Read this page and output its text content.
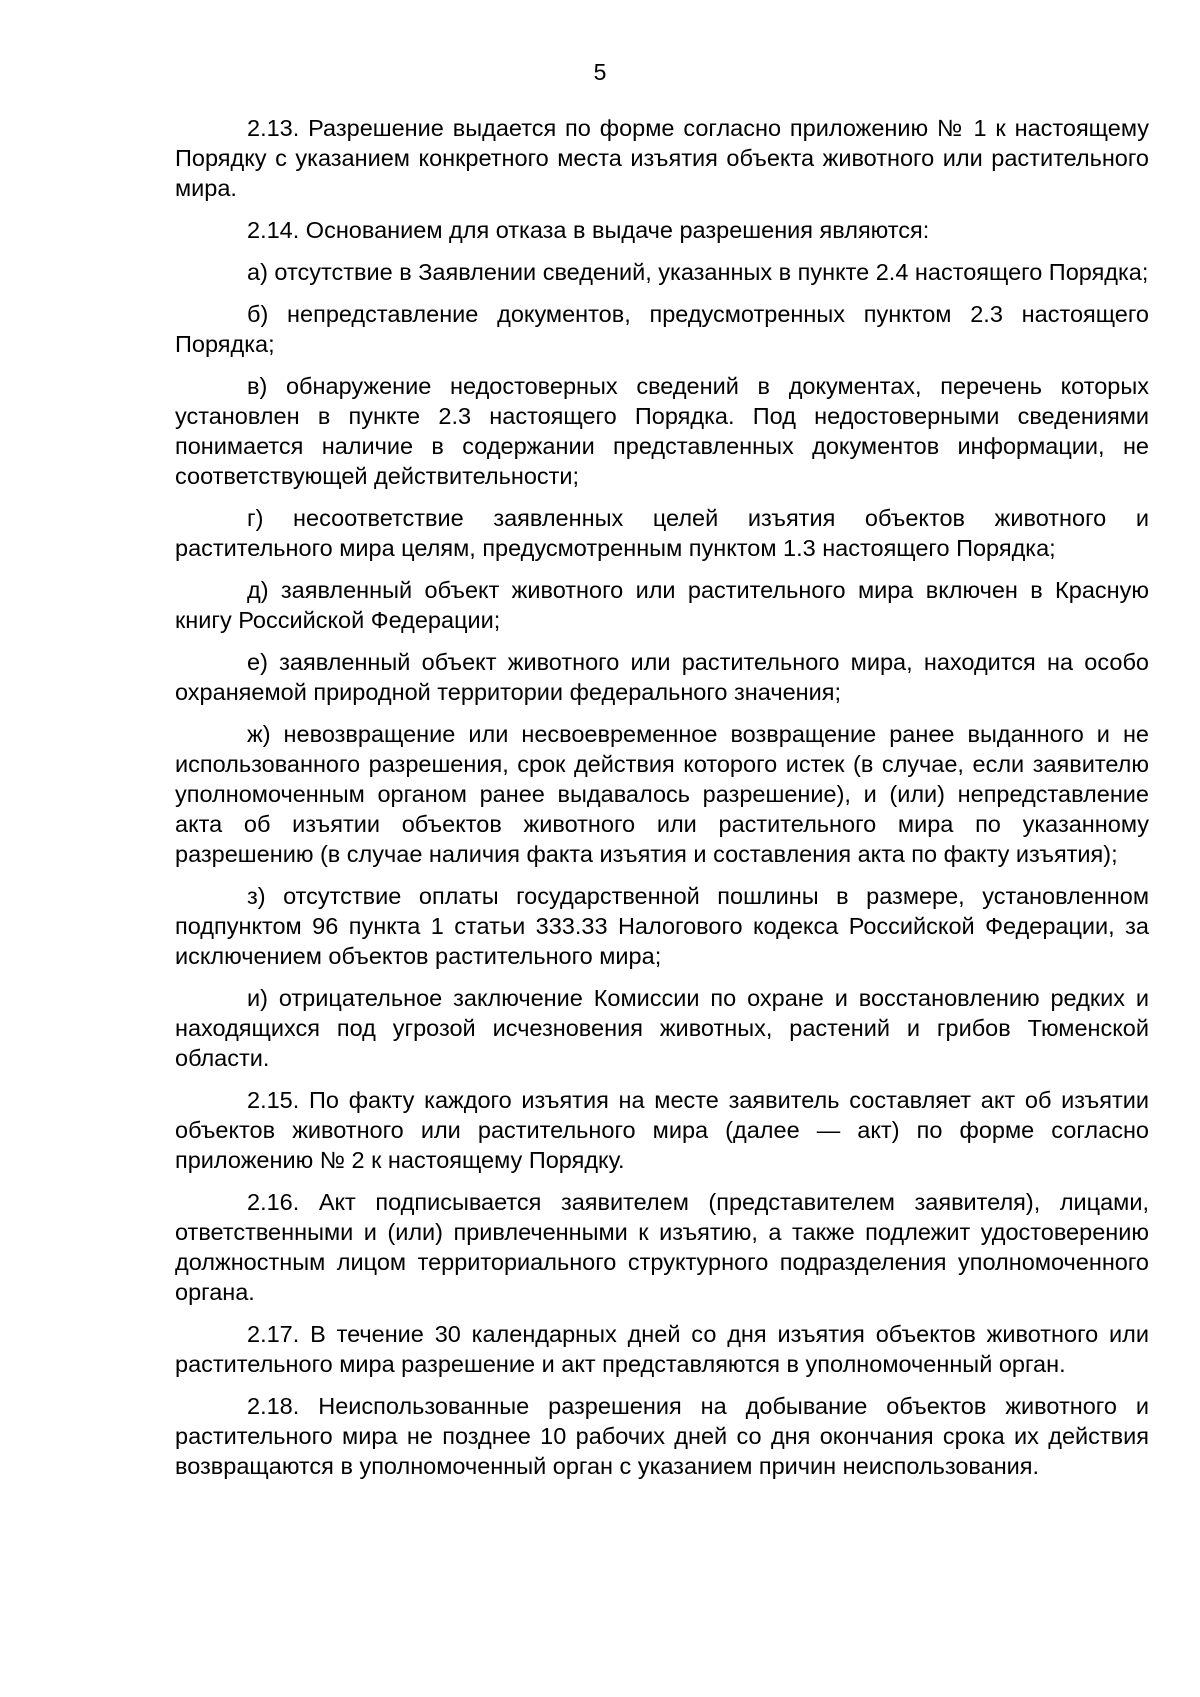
5

2.13. Разрешение выдается по форме согласно приложению № 1 к настоящему Порядку с указанием конкретного места изъятия объекта животного или растительного мира.

2.14. Основанием для отказа в выдаче разрешения являются:

а) отсутствие в Заявлении сведений, указанных в пункте 2.4 настоящего Порядка;

б) непредставление документов, предусмотренных пунктом 2.3 настоящего Порядка;

в) обнаружение недостоверных сведений в документах, перечень которых установлен в пункте 2.3 настоящего Порядка. Под недостоверными сведениями понимается наличие в содержании представленных документов информации, не соответствующей действительности;

г) несоответствие заявленных целей изъятия объектов животного и растительного мира целям, предусмотренным пунктом 1.3 настоящего Порядка;

д) заявленный объект животного или растительного мира включен в Красную книгу Российской Федерации;

е) заявленный объект животного или растительного мира, находится на особо охраняемой природной территории федерального значения;

ж) невозвращение или несвоевременное возвращение ранее выданного и не использованного разрешения, срок действия которого истек (в случае, если заявителю уполномоченным органом ранее выдавалось разрешение), и (или) непредставление акта об изъятии объектов животного или растительного мира по указанному разрешению (в случае наличия факта изъятия и составления акта по факту изъятия);

з) отсутствие оплаты государственной пошлины в размере, установленном подпунктом 96 пункта 1 статьи 333.33 Налогового кодекса Российской Федерации, за исключением объектов растительного мира;

и) отрицательное заключение Комиссии по охране и восстановлению редких и находящихся под угрозой исчезновения животных, растений и грибов Тюменской области.

2.15. По факту каждого изъятия на месте заявитель составляет акт об изъятии объектов животного или растительного мира (далее — акт) по форме согласно приложению № 2 к настоящему Порядку.

2.16. Акт подписывается заявителем (представителем заявителя), лицами, ответственными и (или) привлеченными к изъятию, а также подлежит удостоверению должностным лицом территориального структурного подразделения уполномоченного органа.

2.17. В течение 30 календарных дней со дня изъятия объектов животного или растительного мира разрешение и акт представляются в уполномоченный орган.

2.18. Неиспользованные разрешения на добывание объектов животного и растительного мира не позднее 10 рабочих дней со дня окончания срока их действия возвращаются в уполномоченный орган с указанием причин неиспользования.
